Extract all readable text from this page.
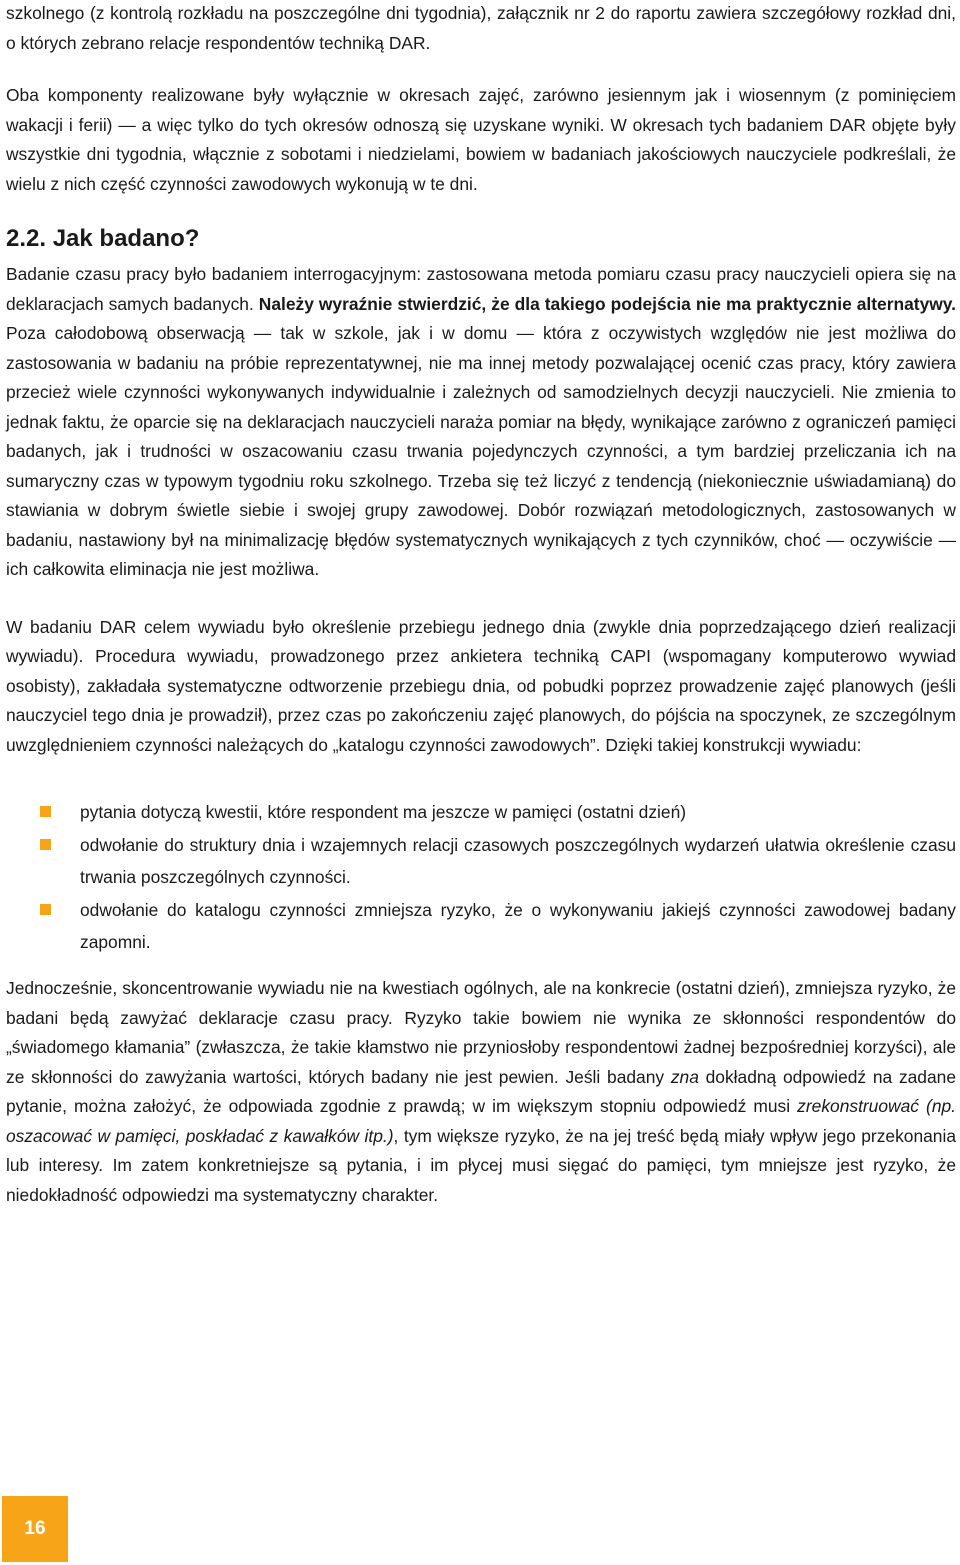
szkolnego (z kontrolą rozkładu na poszczególne dni tygodnia), załącznik nr 2 do raportu zawiera szczegółowy rozkład dni, o których zebrano relacje respondentów techniką DAR.

Oba komponenty realizowane były wyłącznie w okresach zajęć, zarówno jesiennym jak i wiosennym (z pominięciem wakacji i ferii) — a więc tylko do tych okresów odnoszą się uzyskane wyniki. W okresach tych badaniem DAR objęte były wszystkie dni tygodnia, włącznie z sobotami i niedzielami, bowiem w badaniach jakościowych nauczyciele podkreślali, że wielu z nich część czynności zawodowych wykonują w te dni.

2.2. Jak badano?

Badanie czasu pracy było badaniem interrogacyjnym: zastosowana metoda pomiaru czasu pracy nauczycieli opiera się na deklaracjach samych badanych. Należy wyraźnie stwierdzić, że dla takiego podejścia nie ma praktycznie alternatywy. Poza całodobową obserwacją — tak w szkole, jak i w domu — która z oczywistych względów nie jest możliwa do zastosowania w badaniu na próbie reprezentatywnej, nie ma innej metody pozwalającej ocenić czas pracy, który zawiera przecież wiele czynności wykonywanych indywidualnie i zależnych od samodzielnych decyzji nauczycieli. Nie zmienia to jednak faktu, że oparcie się na deklaracjach nauczycieli naraża pomiar na błędy, wynikające zarówno z ograniczeń pamięci badanych, jak i trudności w oszacowaniu czasu trwania pojedynczych czynności, a tym bardziej przeliczania ich na sumaryczny czas w typowym tygodniu roku szkolnego. Trzeba się też liczyć z tendencją (niekoniecznie uświadamianą) do stawiania w dobrym świetle siebie i swojej grupy zawodowej. Dobór rozwiązań metodologicznych, zastosowanych w badaniu, nastawiony był na minimalizację błędów systematycznych wynikających z tych czynników, choć — oczywiście — ich całkowita eliminacja nie jest możliwa.

W badaniu DAR celem wywiadu było określenie przebiegu jednego dnia (zwykle dnia poprzedzającego dzień realizacji wywiadu). Procedura wywiadu, prowadzonego przez ankietera techniką CAPI (wspomagany komputerowo wywiad osobisty), zakładała systematyczne odtworzenie przebiegu dnia, od pobudki poprzez prowadzenie zajęć planowych (jeśli nauczyciel tego dnia je prowadził), przez czas po zakończeniu zajęć planowych, do pójścia na spoczynek, ze szczególnym uwzględnieniem czynności należących do „katalogu czynności zawodowych”. Dzięki takiej konstrukcji wywiadu:

pytania dotyczą kwestii, które respondent ma jeszcze w pamięci (ostatni dzień)
odwołanie do struktury dnia i wzajemnych relacji czasowych poszczególnych wydarzeń ułatwia określenie czasu trwania poszczególnych czynności.
odwołanie do katalogu czynności zmniejsza ryzyko, że o wykonywaniu jakiejś czynności zawodowej badany zapomni.

Jednocześnie, skoncentrowanie wywiadu nie na kwestiach ogólnych, ale na konkrecie (ostatni dzień), zmniejsza ryzyko, że badani będą zawyżać deklaracje czasu pracy. Ryzyko takie bowiem nie wynika ze skłonności respondentów do „świadomego kłamania” (zwłaszcza, że takie kłamstwo nie przyniosłoby respondentowi żadnej bezpośredniej korzyści), ale ze skłonności do zawyżania wartości, których badany nie jest pewien. Jeśli badany zna dokładną odpowiedź na zadane pytanie, można założyć, że odpowiada zgodnie z prawdą; w im większym stopniu odpowiedź musi zrekonstruować (np. oszacować w pamięci, poskładać z kawałków itp.), tym większe ryzyko, że na jej treść będą miały wpływ jego przekonania lub interesy. Im zatem konkretniejsze są pytania, i im płycej musi sięgać do pamięci, tym mniejsze jest ryzyko, że niedokładność odpowiedzi ma systematyczny charakter.

16
